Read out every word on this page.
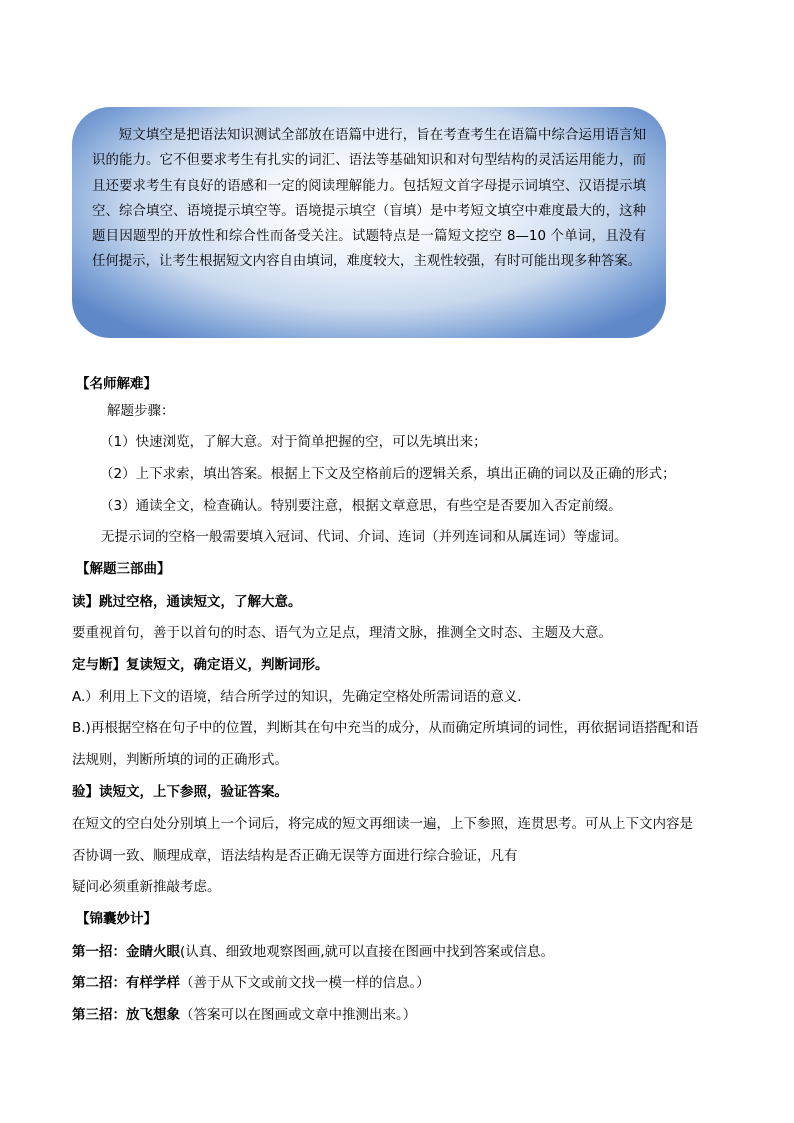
短文填空是把语法知识测试全部放在语篇中进行，旨在考查考生在语篇中综合运用语言知识的能力。它不但要求考生有扎实的词汇、语法等基础知识和对句型结构的灵活运用能力，而且还要求考生有良好的语感和一定的阅读理解能力。包括短文首字母提示词填空、汉语提示填空、综合填空、语境提示填空等。语境提示填空（盲填）是中考短文填空中难度最大的，这种题目因题型的开放性和综合性而备受关注。试题特点是一篇短文挖空 8—10 个单词，且没有任何提示，让考生根据短文内容自由填词，难度较大，主观性较强，有时可能出现多种答案。

【名师解难】
解题步骤：
（1）快速浏览，了解大意。对于简单把握的空，可以先填出来；
（2）上下求索，填出答案。根据上下文及空格前后的逻辑关系，填出正确的词以及正确的形式；
（3）通读全文，检查确认。特别要注意，根据文章意思，有些空是否要加入否定前缀。
无提示词的空格一般需要填入冠词、代词、介词、连词（并列连词和从属连词）等虚词。
【解题三部曲】
读】跳过空格，通读短文，了解大意。
要重视首句，善于以首句的时态、语气为立足点，理清文脉，推测全文时态、主题及大意。
定与断】复读短文，确定语义，判断词形。
A.）利用上下文的语境，结合所学过的知识，先确定空格处所需词语的意义.
B.)再根据空格在句子中的位置，判断其在句中充当的成分，从而确定所填词的词性，再依据词语搭配和语
法规则，判断所填的词的正确形式。
验】读短文，上下参照，验证答案。
在短文的空白处分别填上一个词后，将完成的短文再细读一遍，上下参照，连贯思考。可从上下文内容是
否协调一致、顺理成章，语法结构是否正确无误等方面进行综合验证，凡有
疑问必须重新推敲考虑。
【锦囊妙计】
第一招：金睛火眼(认真、细致地观察图画,就可以直接在图画中找到答案或信息。
第二招：有样学样（善于从下文或前文找一模一样的信息。）
第三招：放飞想象（答案可以在图画或文章中推测出来。）
